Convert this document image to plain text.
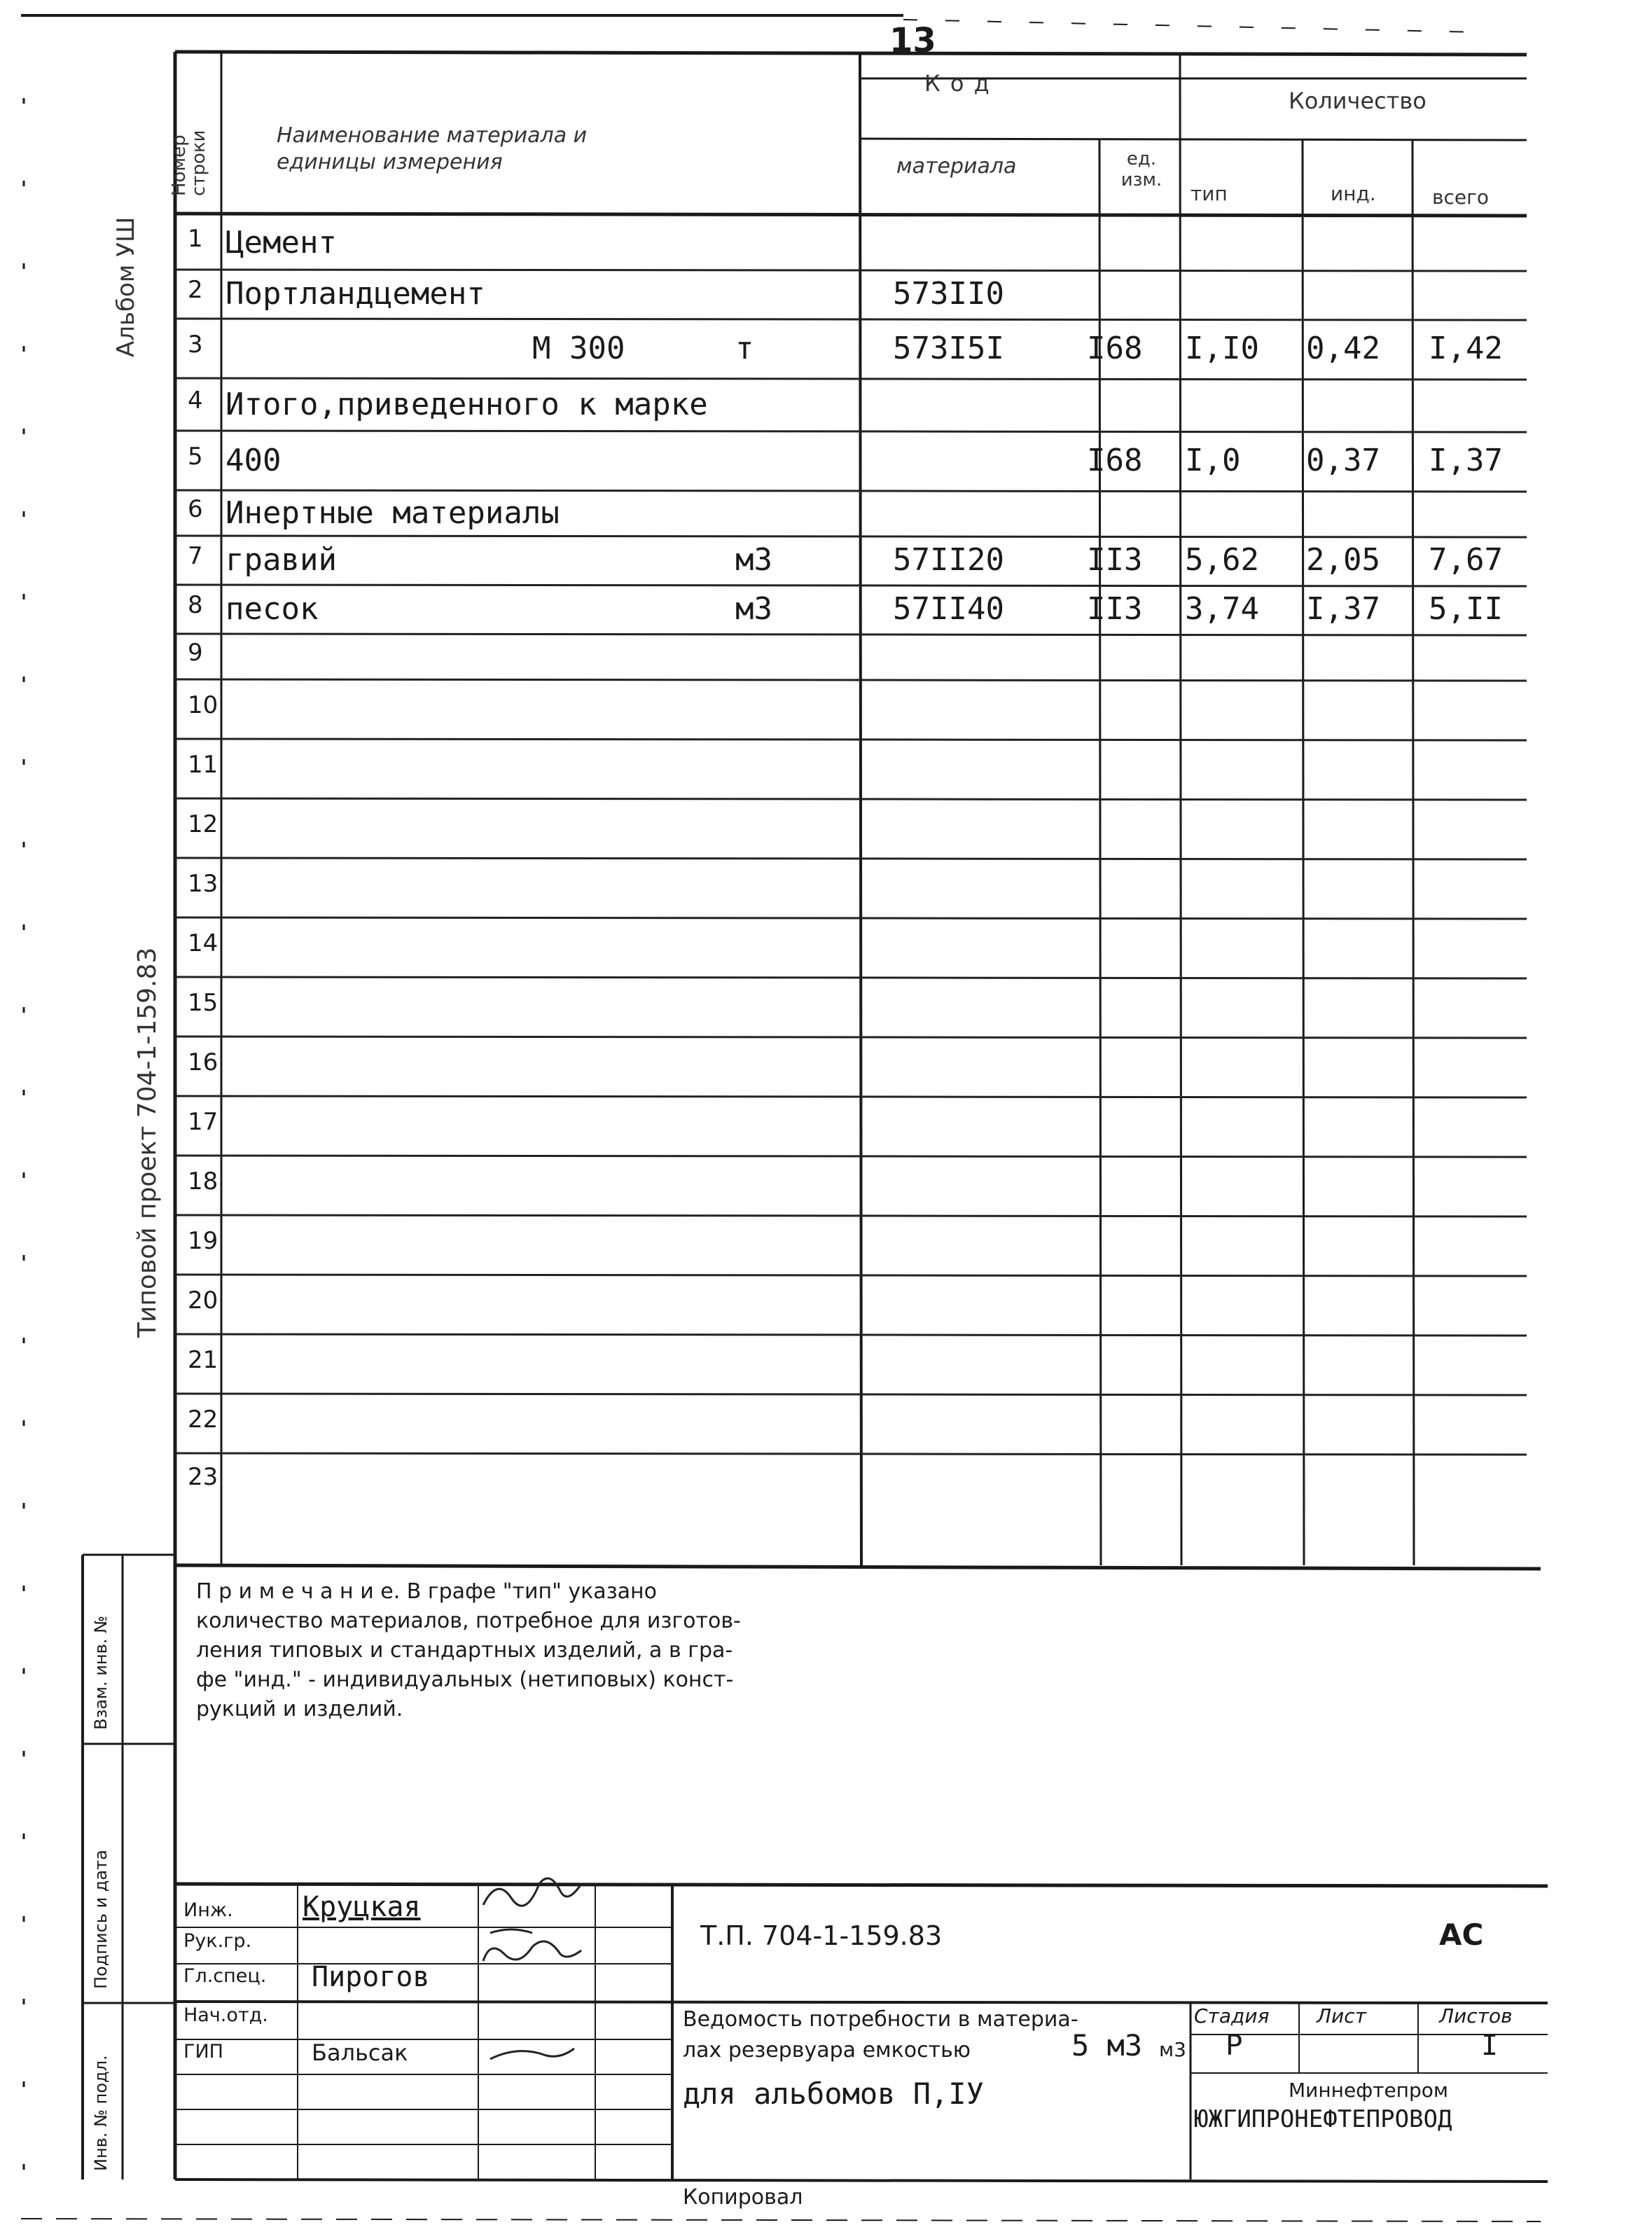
13
Альбом УШ
Типовой проект 704-1-159.83
Номер строки	Наименование материала и единицы измерения
К о д
Количество
материала	ед. изм.
тип	инд.	всего
1 Цемент
2 Портландцемент	573II0
3	М 300	т	573I5I	I68 I,I0 0,42 I,42
4 Итого,приведенного к марке
5 400	I68 I,0 0,37 I,37
6 Инертные материалы
7 гравий	м3	57II20	II3 5,62 2,05 7,67
8 песок	м3	57II40	II3 3,74 I,37 5,II
9
10
11
12
13
14
15
16
17
18
19
20
21
22
23
П р и м е ч а н и е. В графе "тип" указано
количество материалов, потребное для изготов-
ления типовых и стандартных изделий, а в гра-
фе "инд." - индивидуальных (нетиповых) конст-
рукций и изделий.
Инв. № подл.
Подпись и дата
Взам. инв. №
Инж.
Рук.гр.
Гл.спец.
Нач.отд.
ГИП
Круцкая
Пирогов
Бальсак
Т.П. 704-1-159.83	АС
Ведомость потребности в материа-
лах резервуара емкостью	5 м3 м3
для альбомов П,IУ
Стадия Лист	Листов
Р	I
Миннефтепром
ЮЖГИПРОНЕФТЕПРОВОД
Копировал
